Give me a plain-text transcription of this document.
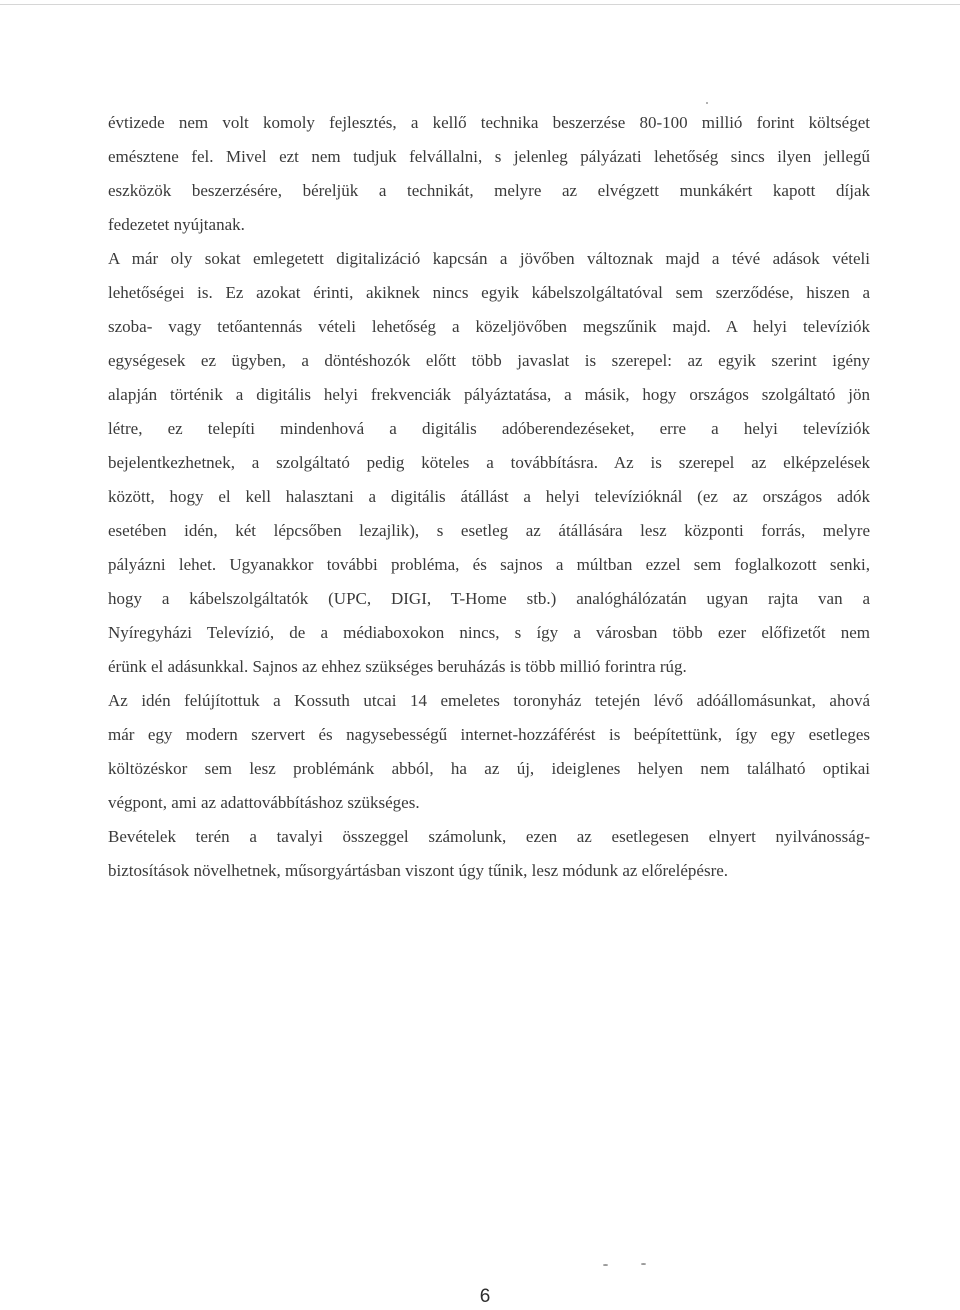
évtizede nem volt komoly fejlesztés, a kellő technika beszerzése 80-100 millió forint költséget
emésztene fel. Mivel ezt nem tudjuk felvállalni, s jelenleg pályázati lehetőség sincs ilyen jellegű
eszközök beszerzésére, béreljük a technikát, melyre az elvégzett munkákért kapott díjak
fedezetet nyújtanak.
A már oly sokat emlegetett digitalizáció kapcsán a jövőben változnak majd a tévé adások vételi
lehetőségei is. Ez azokat érinti, akiknek nincs egyik kábelszolgáltatóval sem szerződése, hiszen a
szoba- vagy tetőantennás vételi lehetőség a közeljövőben megszűnik majd. A helyi televíziók
egységesek ez ügyben, a döntéshozók előtt több javaslat is szerepel: az egyik szerint igény
alapján történik a digitális helyi frekvenciák pályáztatása, a másik, hogy országos szolgáltató jön
létre, ez telepíti mindenhová a digitális adóberendezéseket, erre a helyi televíziók
bejelentkezhetnek, a szolgáltató pedig köteles a továbbításra. Az is szerepel az elképzelések
között, hogy el kell halasztani a digitális átállást a helyi televízióknál (ez az országos adók
esetében idén, két lépcsőben lezajlik), s esetleg az átállására lesz központi forrás, melyre
pályázni lehet. Ugyanakkor további probléma, és sajnos a múltban ezzel sem foglalkozott senki,
hogy a kábelszolgáltatók (UPC, DIGI, T-Home stb.) analóghálózatán ugyan rajta van a
Nyíregyházi Televízió, de a médiaboxokon nincs, s így a városban több ezer előfizetőt nem
érünk el adásunkkal. Sajnos az ehhez szükséges beruházás is több millió forintra rúg.
Az idén felújítottuk a Kossuth utcai 14 emeletes toronyház tetején lévő adóállomásunkat, ahová
már egy modern szervert és nagysebességű internet-hozzáférést is beépítettünk, így egy esetleges
költözéskor sem lesz problémánk abból, ha az új, ideiglenes helyen nem található optikai
végpont, ami az adattovábbításhoz szükséges.
Bevételek terén a tavalyi összeggel számolunk, ezen az esetlegesen elnyert nyilvánosság-
biztosítások növelhetnek, műsorgyártásban viszont úgy tűnik, lesz módunk az előrelépésre.
6
